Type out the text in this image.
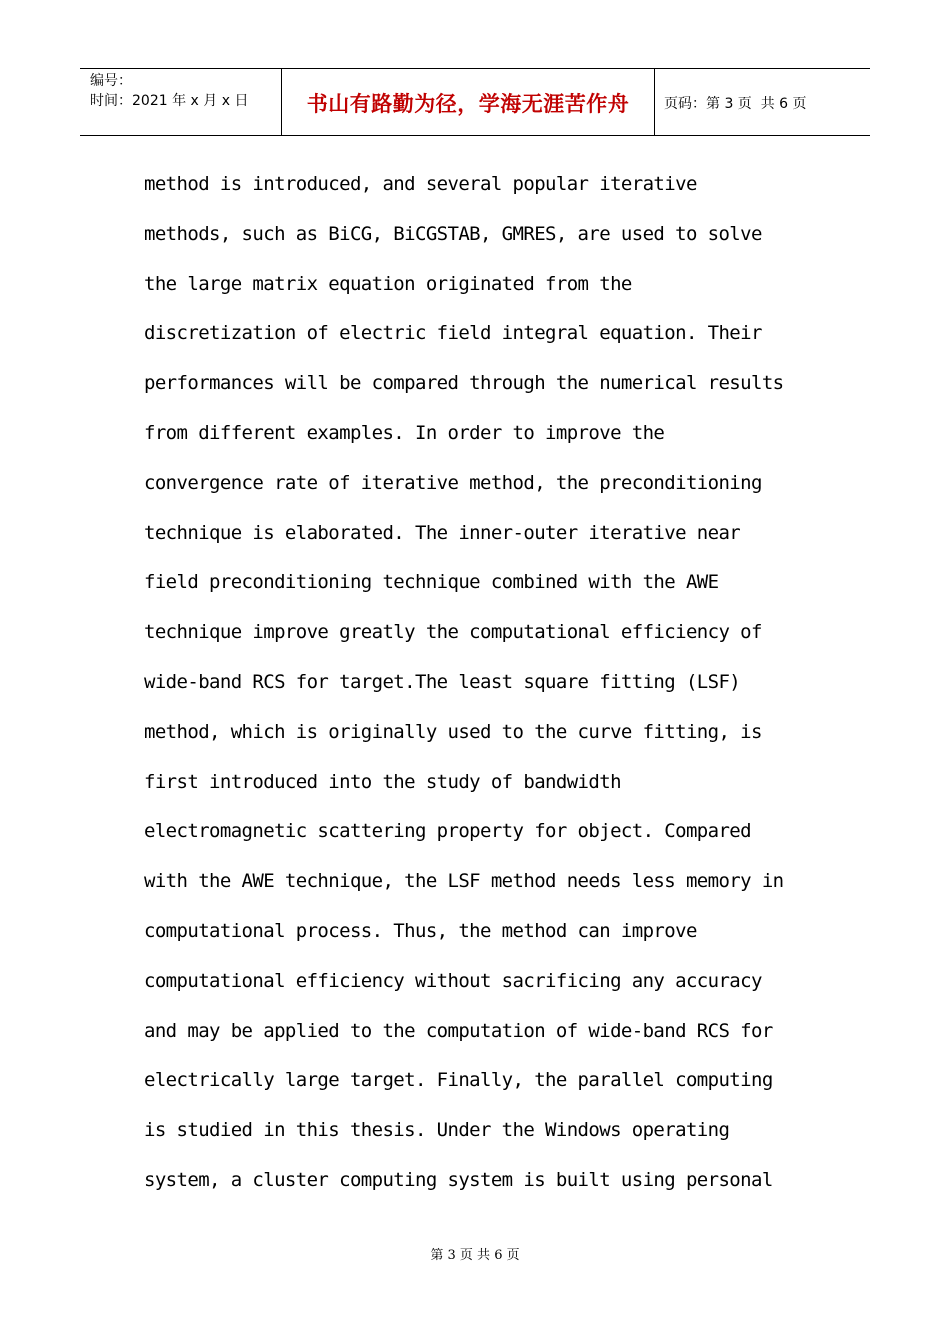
编号：
时间：2021 年 x 月 x 日	书山有路勤为径，学海无涯苦作舟	页码：第 3 页  共 6 页
method is introduced, and several popular iterative
methods, such as BiCG, BiCGSTAB, GMRES, are used to solve
the large matrix equation originated from the
discretization of electric field integral equation. Their
performances will be compared through the numerical results
from different examples. In order to improve the
convergence rate of iterative method, the preconditioning
technique is elaborated. The inner-outer iterative near
field preconditioning technique combined with the AWE
technique improve greatly the computational efficiency of
wide-band RCS for target.The least square fitting (LSF)
method, which is originally used to the curve fitting, is
first introduced into the study of bandwidth
electromagnetic scattering property for object. Compared
with the AWE technique, the LSF method needs less memory in
computational process. Thus, the method can improve
computational efficiency without sacrificing any accuracy
and may be applied to the computation of wide-band RCS for
electrically large target. Finally, the parallel computing
is studied in this thesis. Under the Windows operating
system, a cluster computing system is built using personal
第 3 页 共 6 页
